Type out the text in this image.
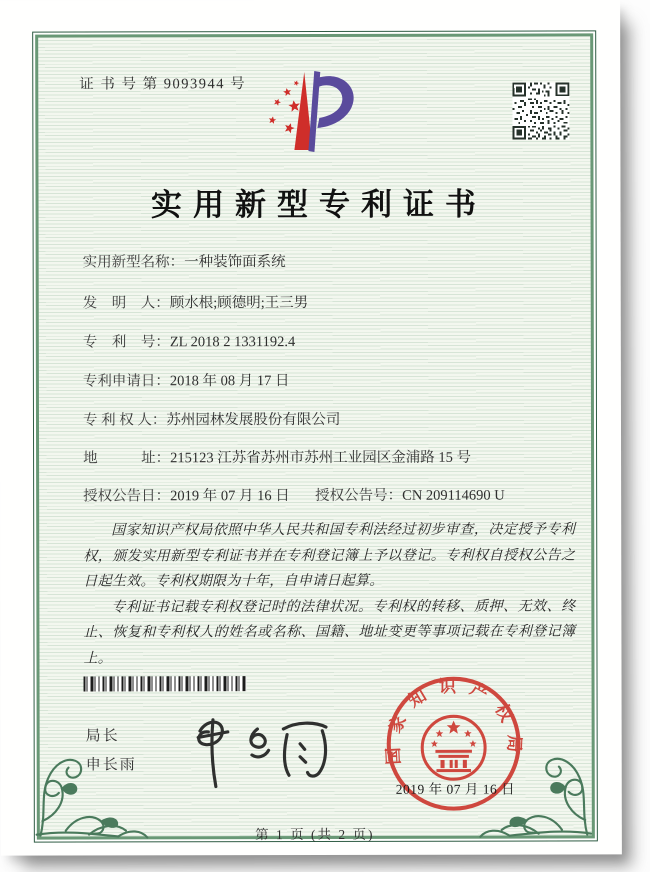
证 书 号 第 9093944 号
实用新型专利证书
实用新型名称：一种装饰面系统
发　明　人：顾水根;顾德明;王三男
专　利　号：ZL 2018 2 1331192.4
专利申请日：2018 年 08 月 17 日
专 利 权 人：苏州园林发展股份有限公司
地　　　址：215123 江苏省苏州市苏州工业园区金浦路 15 号
授权公告日：2019 年 07 月 16 日 授权公告号：CN 209114690 U

国家知识产权局依照中华人民共和国专利法经过初步审查，决定授予专利权，颁发实用新型专利证书并在专利登记簿上予以登记。专利权自授权公告之日起生效。专利权期限为十年，自申请日起算。

专利证书记载专利权登记时的法律状况。专利权的转移、质押、无效、终止、恢复和专利权人的姓名或名称、国籍、地址变更等事项记载在专利登记簿上。

局长
申长雨	国家知识产权局
2019 年 07 月 16 日
第 1 页 (共 2 页)
